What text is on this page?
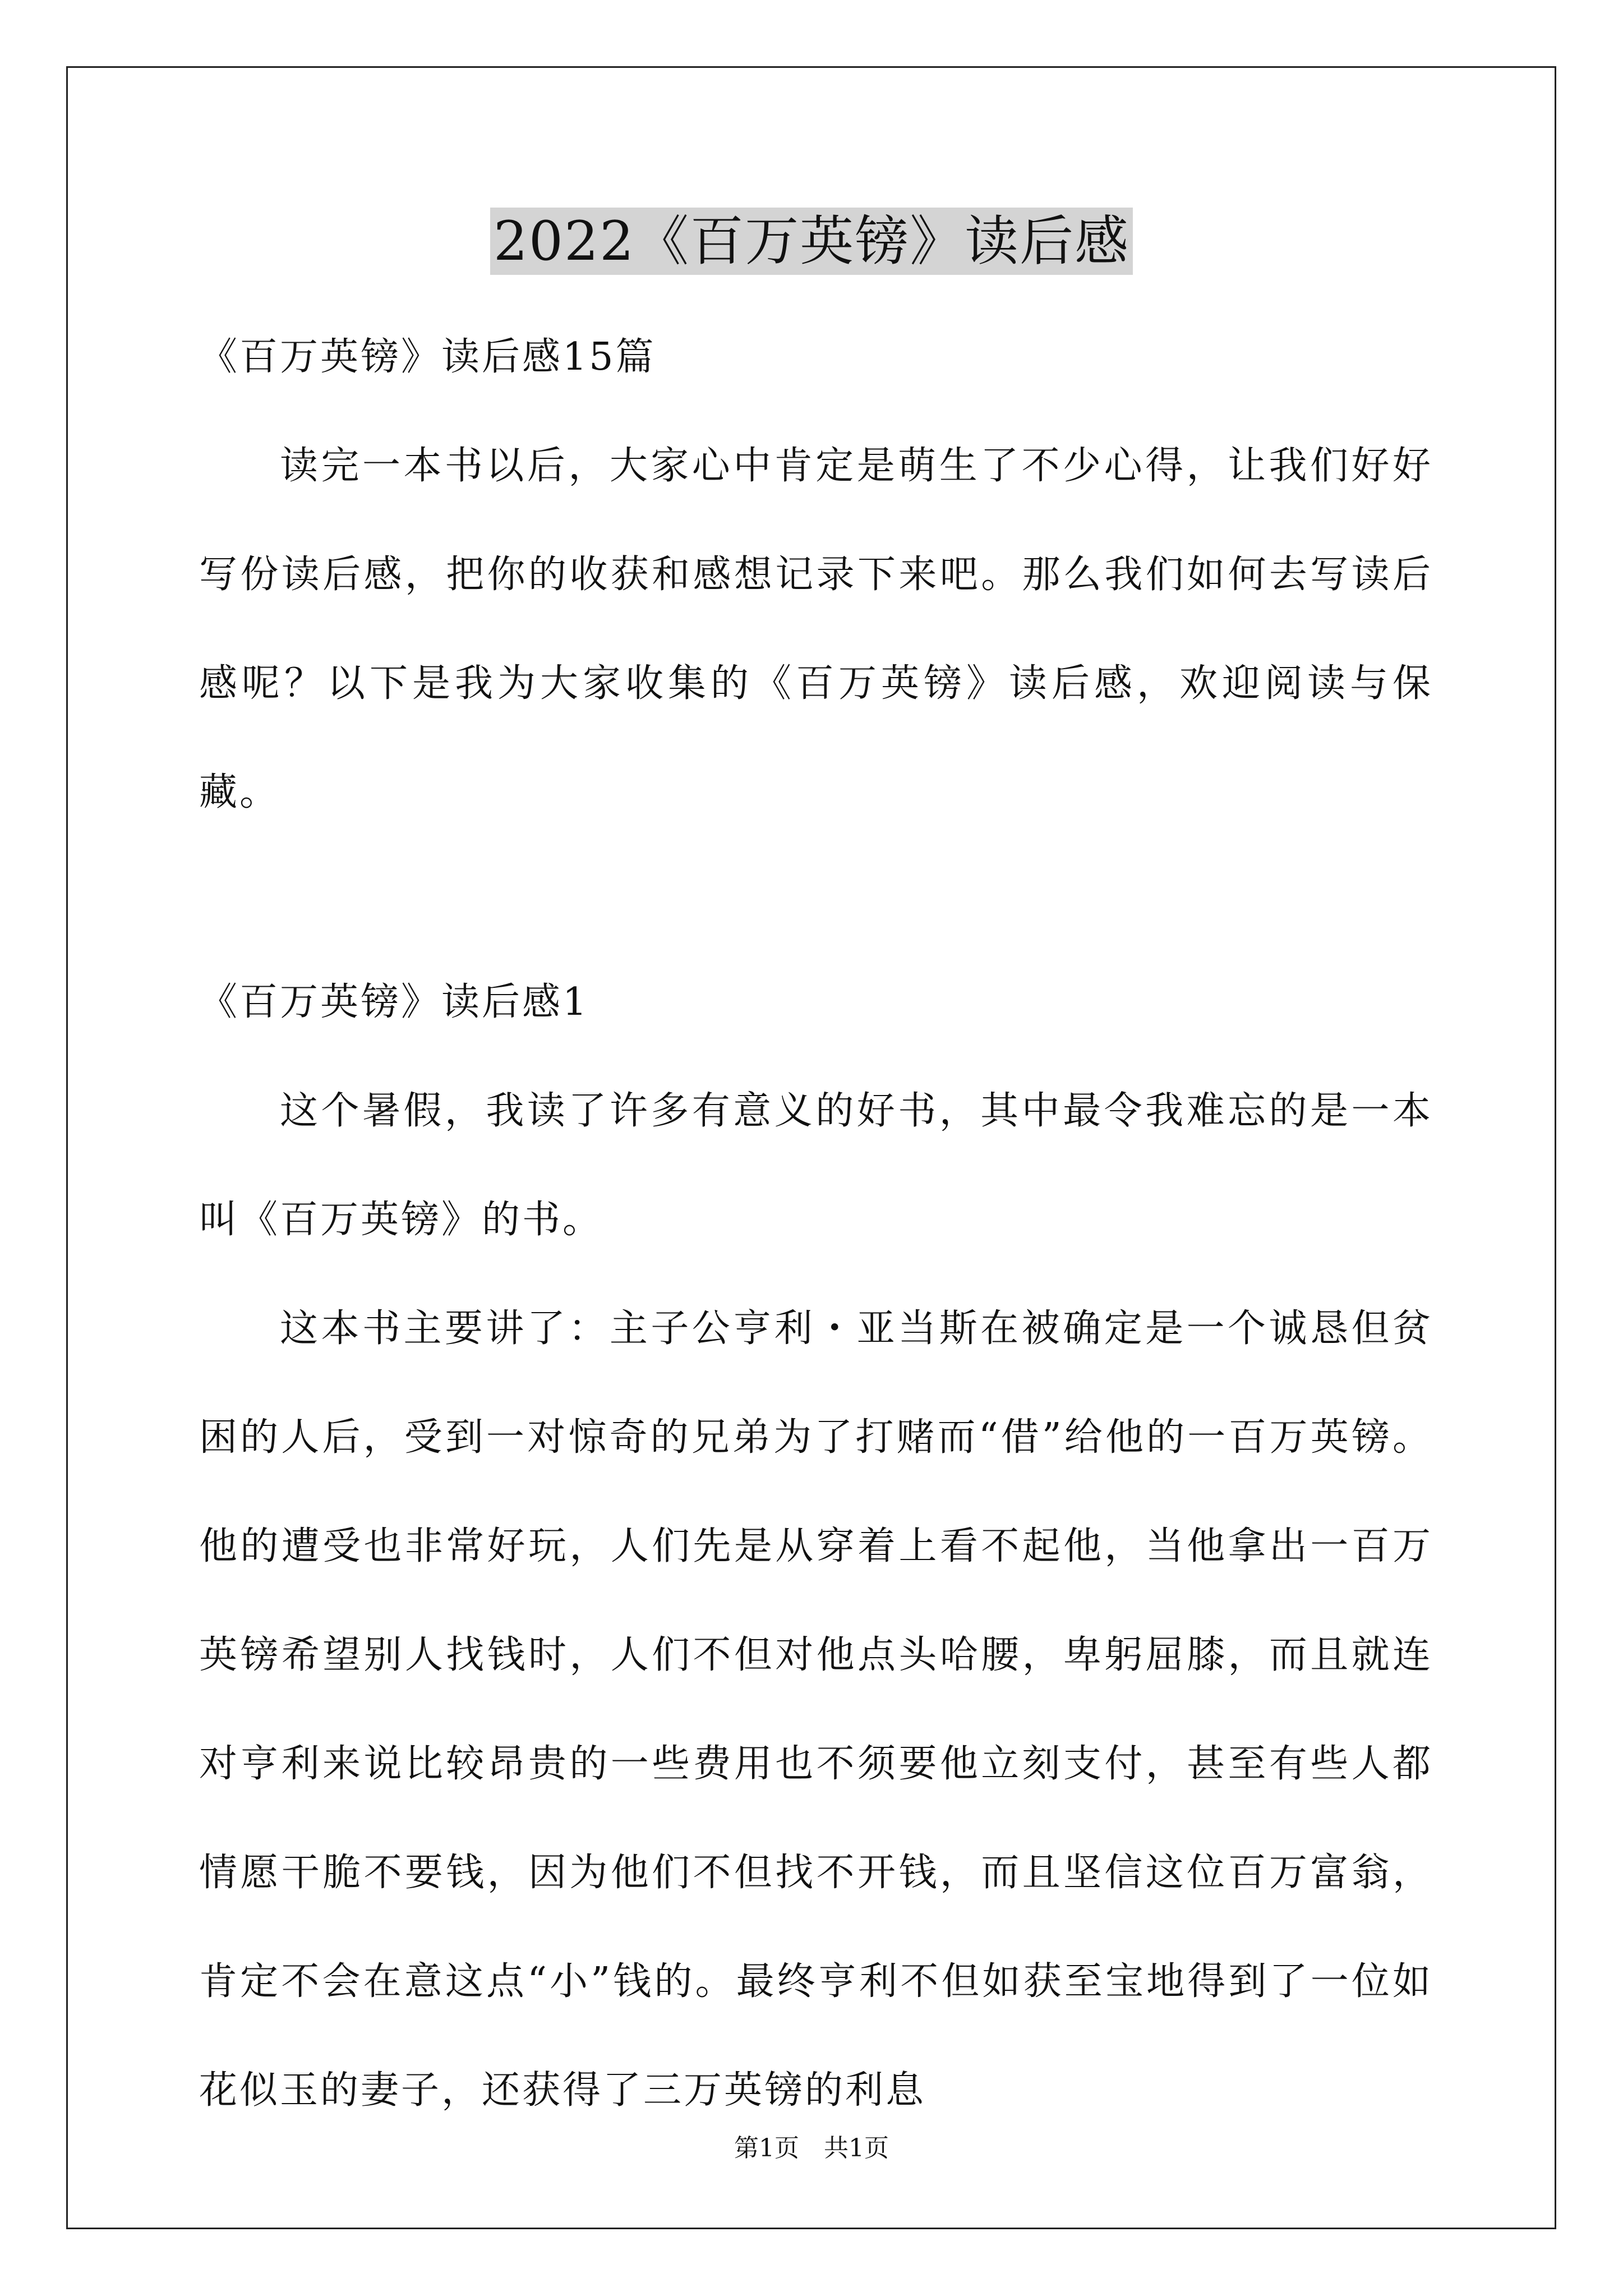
2022《百万英镑》读后感
《百万英镑》读后感15篇

读完一本书以后，大家心中肯定是萌生了不少心得，让我们好好写份读后感，把你的收获和感想记录下来吧。那么我们如何去写读后感呢？以下是我为大家收集的《百万英镑》读后感，欢迎阅读与保藏。

《百万英镑》读后感1

这个暑假，我读了许多有意义的好书，其中最令我难忘的是一本叫《百万英镑》的书。

这本书主要讲了：主子公亨利・亚当斯在被确定是一个诚恳但贫困的人后，受到一对惊奇的兄弟为了打赌而“借”给他的一百万英镑。他的遭受也非常好玩，人们先是从穿着上看不起他，当他拿出一百万英镑希望别人找钱时，人们不但对他点头哈腰，卑躬屈膝，而且就连对亨利来说比较昂贵的一些费用也不须要他立刻支付，甚至有些人都情愿干脆不要钱，因为他们不但找不开钱，而且坚信这位百万富翁，肯定不会在意这点“小”钱的。最终亨利不但如获至宝地得到了一位如花似玉的妻子，还获得了三万英镑的利息

第1页　共1页
